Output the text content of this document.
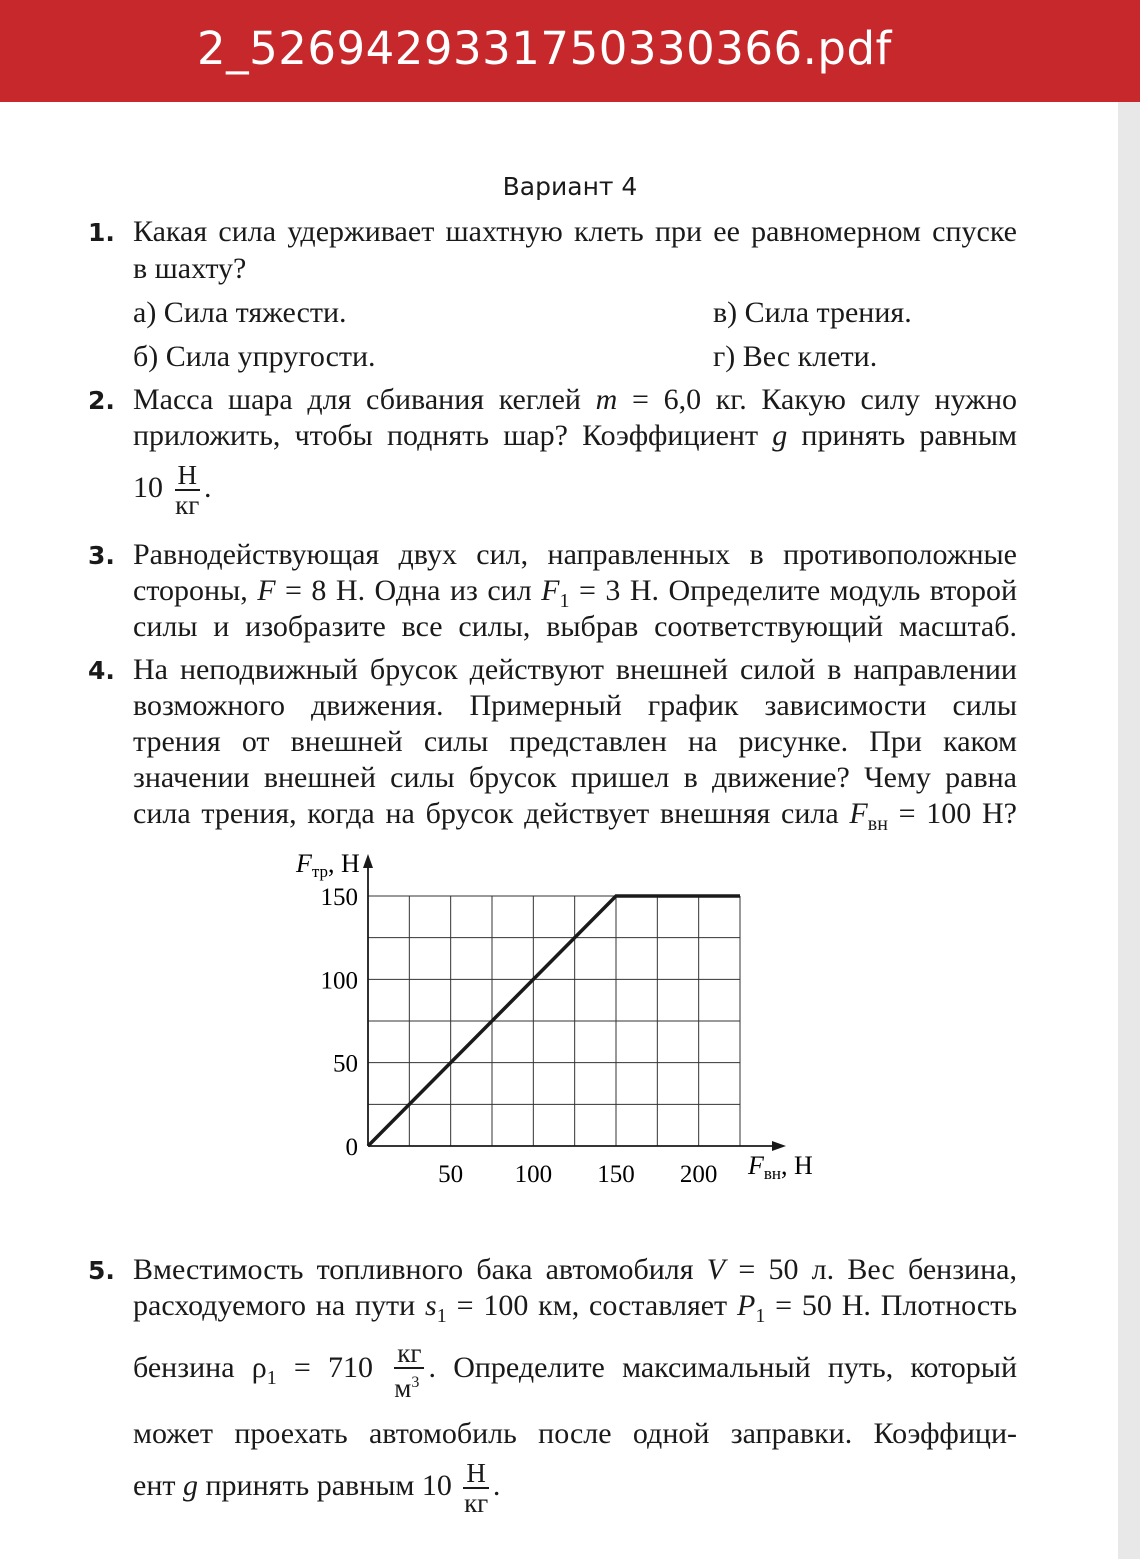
2_5269429331750330366.pdf
Вариант 4
1. Какая сила удерживает шахтную клеть при ее равномерном спуске
в шахту?
а) Сила тяжести.	в) Сила трения.
б) Сила упругости.	г) Вес клети.
2. Масса шара для сбивания кеглей m = 6,0 кг. Какую силу нужно
приложить, чтобы поднять шар? Коэффициент g принять равным
$10 \frac{Н}{кг}$ .
3. Равнодействующая двух сил, направленных в противоположные
стороны, F = 8 Н. Одна из сил $F_1 = 3$ Н. Определите модуль второй
силы и изобразите все силы, выбрав соответствующий масштаб.
4. На неподвижный брусок действуют внешней силой в направлении
возможного движения. Примерный график зависимости силы
трения от внешней силы представлен на рисунке. При каком
значении внешней силы брусок пришел в движение? Чему равна
сила трения, когда на брусок действует внешняя сила $F_{вн} = 100$ Н?
50 100 150 200
0
50
100
150
Fтр, Н
Fвн, Н
5. Вместимость топливного бака автомобиля V = 50 л. Вес бензина,
расходуемого на пути $s_1 = 100$ км, составляет $P_1 = 50$ Н. Плотность
бензина $\rho_1 = 710 \frac{кг}{м^3}$ . Определите максимальный путь, который
может проехать автомобиль после одной заправки. Коэффици-
ент g принять равным $10 \frac{Н}{кг}$ .
